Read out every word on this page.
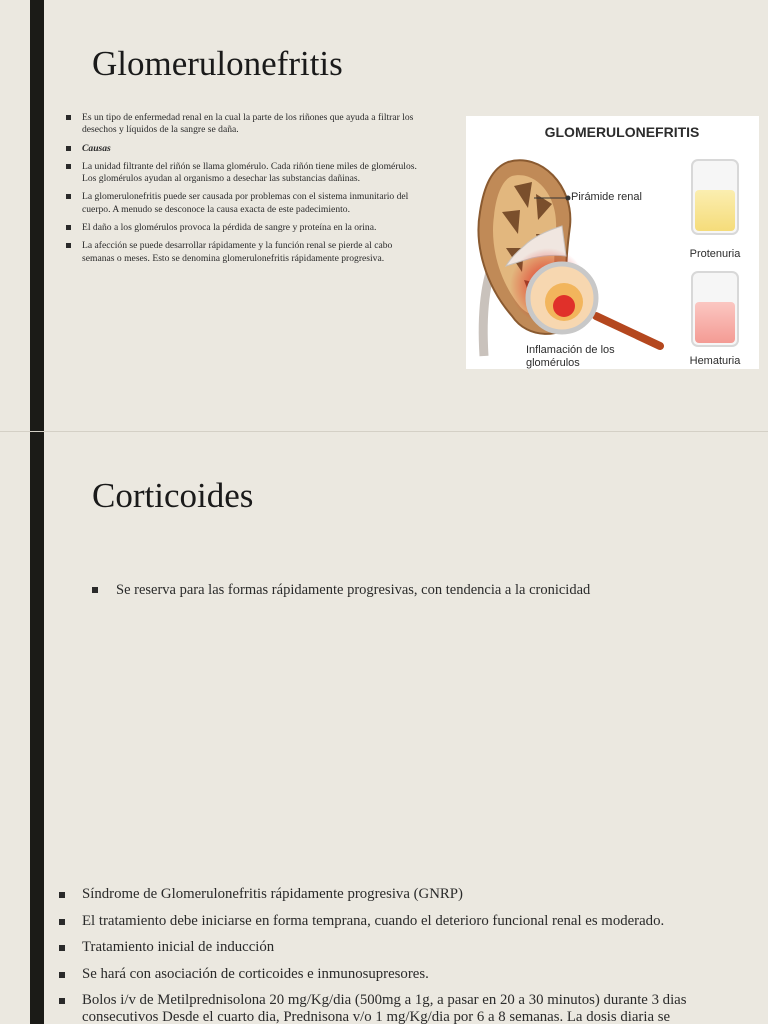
Glomerulonefritis
Es un tipo de enfermedad renal en la cual la parte de los riñones que ayuda a filtrar los desechos y líquidos de la sangre se daña.
Causas
La unidad filtrante del riñón se llama glomérulo. Cada riñón tiene miles de glomérulos. Los glomérulos ayudan al organismo a desechar las substancias dañinas.
La glomerulonefritis puede ser causada por problemas con el sistema inmunitario del cuerpo. A menudo se desconoce la causa exacta de este padecimiento.
El daño a los glomérulos provoca la pérdida de sangre y proteína en la orina.
La afección se puede desarrollar rápidamente y la función renal se pierde al cabo semanas o meses. Esto se denomina glomerulonefritis rápidamente progresiva.
GLOMERULONEFRITIS
Pirámide renal
Inflamación de los
glomérulos
Protenuria
Hematuria
Corticoides
Se reserva para las formas rápidamente progresivas, con tendencia a la cronicidad
Síndrome de Glomerulonefritis rápidamente progresiva (GNRP)
El tratamiento debe iniciarse en forma temprana, cuando el deterioro funcional renal es moderado.
Tratamiento inicial de inducción
Se hará con asociación de corticoides e inmunosupresores.
Bolos i/v de Metilprednisolona 20 mg/Kg/dia (500mg a 1g, a pasar en 20 a 30 minutos) durante 3 dias consecutivos Desde el cuarto dia, Prednisona v/o 1 mg/Kg/dia por 6 a 8 semanas. La dosis diaria se
